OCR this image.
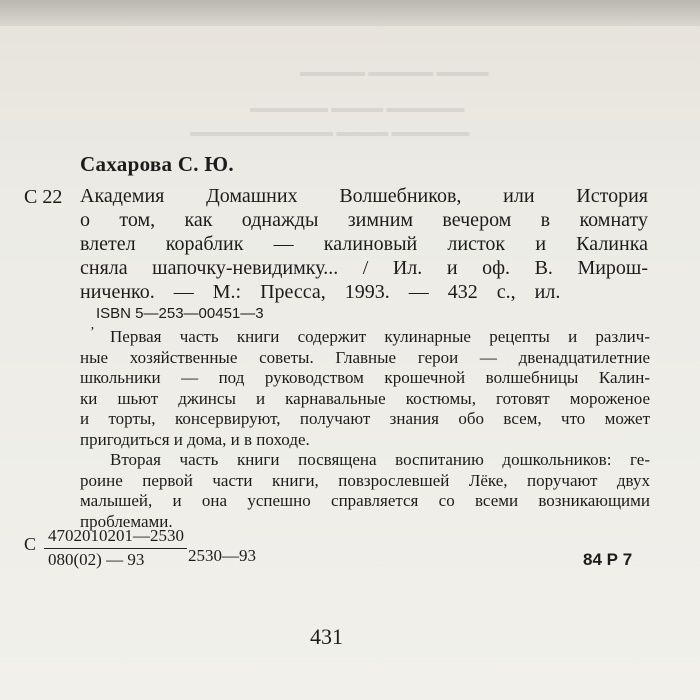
▬▬▬▬ ▬▬▬▬▬ ▬▬▬▬▬
▬▬▬▬▬▬ ▬▬▬▬ ▬▬▬▬▬▬
▬▬▬▬▬▬ ▬▬▬▬ ▬▬▬▬▬▬▬▬▬▬▬
Сахарова С. Ю.
С 22 Академия Домашних Волшебников, или История
о том, как однажды зимним вечером в комнату
влетел кораблик — калиновый листок и Калинка
сняла шапочку-невидимку... / Ил. и оф. В. Мирош-
ниченко. — М.: Пресса, 1993. — 432 с., ил.
ISBN 5—253—00451—3
ʼ Первая часть книги содержит кулинарные рецепты и различ-
ные хозяйственные советы. Главные герои — двенадцатилетние
школьники — под руководством крошечной волшебницы Калин-
ки шьют джинсы и карнавальные костюмы, готовят мороженое
и торты, консервируют, получают знания обо всем, что может
пригодиться и дома, и в походе.
Вторая часть книги посвящена воспитанию дошкольников: ге-
роине первой части книги, повзрослевшей Лёке, поручают двух
малышей, и она успешно справляется со всеми возникающими
проблемами.
С 4702010201—2530
080(02) — 93	2530—93	84 Р 7
431
